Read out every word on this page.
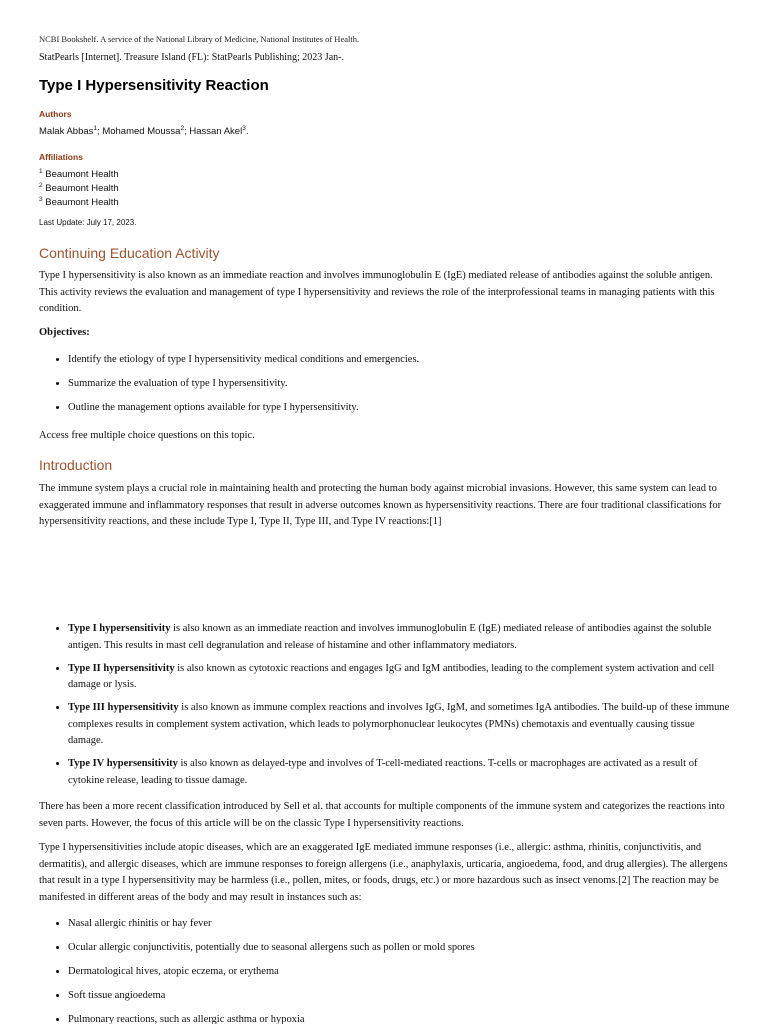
NCBI Bookshelf. A service of the National Library of Medicine, National Institutes of Health.
StatPearls [Internet]. Treasure Island (FL): StatPearls Publishing; 2023 Jan-.
Type I Hypersensitivity Reaction
Authors
Malak Abbas$^1$; Mohamed Moussa$^2$; Hassan Akel$^3$.
Affiliations
$^1$ Beaumont Health
$^2$ Beaumont Health
$^3$ Beaumont Health
Last Update: July 17, 2023.
Continuing Education Activity
Type I hypersensitivity is also known as an immediate reaction and involves immunoglobulin E (IgE) mediated release of antibodies against the soluble antigen. This activity reviews the evaluation and management of type I hypersensitivity and reviews the role of the interprofessional teams in managing patients with this condition.
Objectives:
• Identify the etiology of type I hypersensitivity medical conditions and emergencies.
• Summarize the evaluation of type I hypersensitivity.
• Outline the management options available for type I hypersensitivity.
Access free multiple choice questions on this topic.
Introduction
The immune system plays a crucial role in maintaining health and protecting the human body against microbial invasions. However, this same system can lead to exaggerated immune and inflammatory responses that result in adverse outcomes known as hypersensitivity reactions. There are four traditional classifications for hypersensitivity reactions, and these include Type I, Type II, Type III, and Type IV reactions:[1]
• Type I hypersensitivity is also known as an immediate reaction and involves immunoglobulin E (IgE) mediated release of antibodies against the soluble antigen. This results in mast cell degranulation and release of histamine and other inflammatory mediators.
• Type II hypersensitivity is also known as cytotoxic reactions and engages IgG and IgM antibodies, leading to the complement system activation and cell damage or lysis.
• Type III hypersensitivity is also known as immune complex reactions and involves IgG, IgM, and sometimes IgA antibodies. The build-up of these immune complexes results in complement system activation, which leads to polymorphonuclear leukocytes (PMNs) chemotaxis and eventually causing tissue damage.
• Type IV hypersensitivity is also known as delayed-type and involves of T-cell-mediated reactions. T-cells or macrophages are activated as a result of cytokine release, leading to tissue damage.
There has been a more recent classification introduced by Sell et al. that accounts for multiple components of the immune system and categorizes the reactions into seven parts. However, the focus of this article will be on the classic Type I hypersensitivity reactions.
Type I hypersensitivities include atopic diseases, which are an exaggerated IgE mediated immune responses (i.e., allergic: asthma, rhinitis, conjunctivitis, and dermatitis), and allergic diseases, which are immune responses to foreign allergens (i.e., anaphylaxis, urticaria, angioedema, food, and drug allergies). The allergens that result in a type I hypersensitivity may be harmless (i.e., pollen, mites, or foods, drugs, etc.) or more hazardous such as insect venoms.[2] The reaction may be manifested in different areas of the body and may result in instances such as:
• Nasal allergic rhinitis or hay fever
• Ocular allergic conjunctivitis, potentially due to seasonal allergens such as pollen or mold spores
• Dermatological hives, atopic eczema, or erythema
• Soft tissue angioedema
• Pulmonary reactions, such as allergic asthma or hypoxia
